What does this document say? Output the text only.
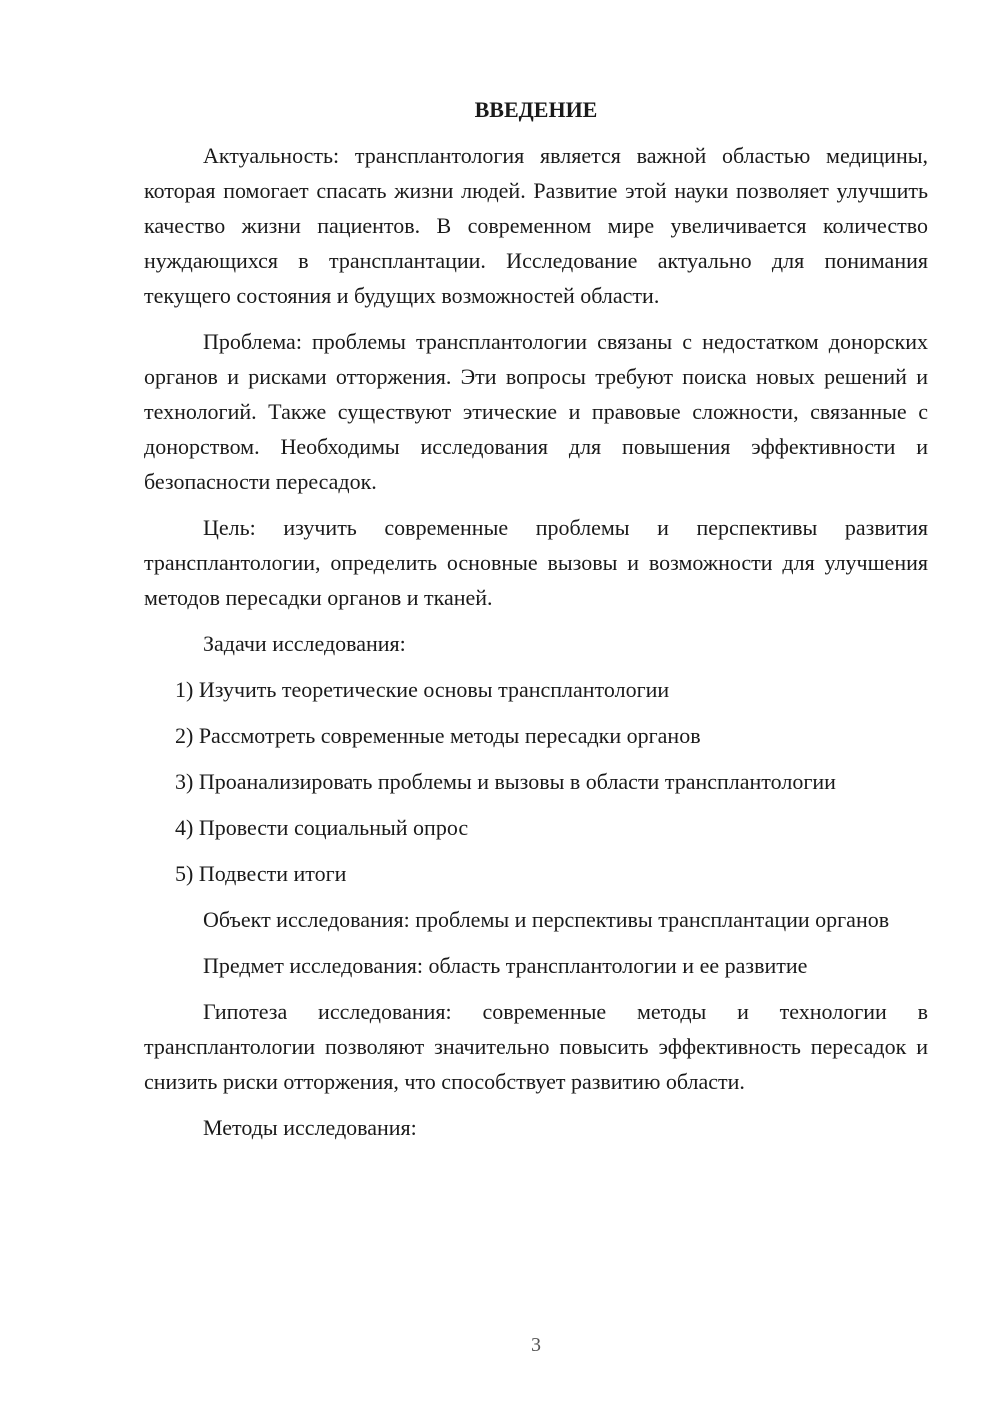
ВВЕДЕНИЕ

Актуальность: трансплантология является важной областью медицины, которая помогает спасать жизни людей. Развитие этой науки позволяет улучшить качество жизни пациентов. В современном мире увеличивается количество нуждающихся в трансплантации. Исследование актуально для понимания текущего состояния и будущих возможностей области.

Проблема: проблемы трансплантологии связаны с недостатком донорских органов и рисками отторжения. Эти вопросы требуют поиска новых решений и технологий. Также существуют этические и правовые сложности, связанные с донорством. Необходимы исследования для повышения эффективности и безопасности пересадок.

Цель: изучить современные проблемы и перспективы развития трансплантологии, определить основные вызовы и возможности для улучшения методов пересадки органов и тканей.

Задачи исследования:

1) Изучить теоретические основы трансплантологии

2) Рассмотреть современные методы пересадки органов

3) Проанализировать проблемы и вызовы в области трансплантологии

4) Провести социальный опрос

5) Подвести итоги

Объект исследования: проблемы и перспективы трансплантации органов

Предмет исследования: область трансплантологии и ее развитие

Гипотеза исследования: современные методы и технологии в трансплантологии позволяют значительно повысить эффективность пересадок и снизить риски отторжения, что способствует развитию области.

Методы исследования:

3
